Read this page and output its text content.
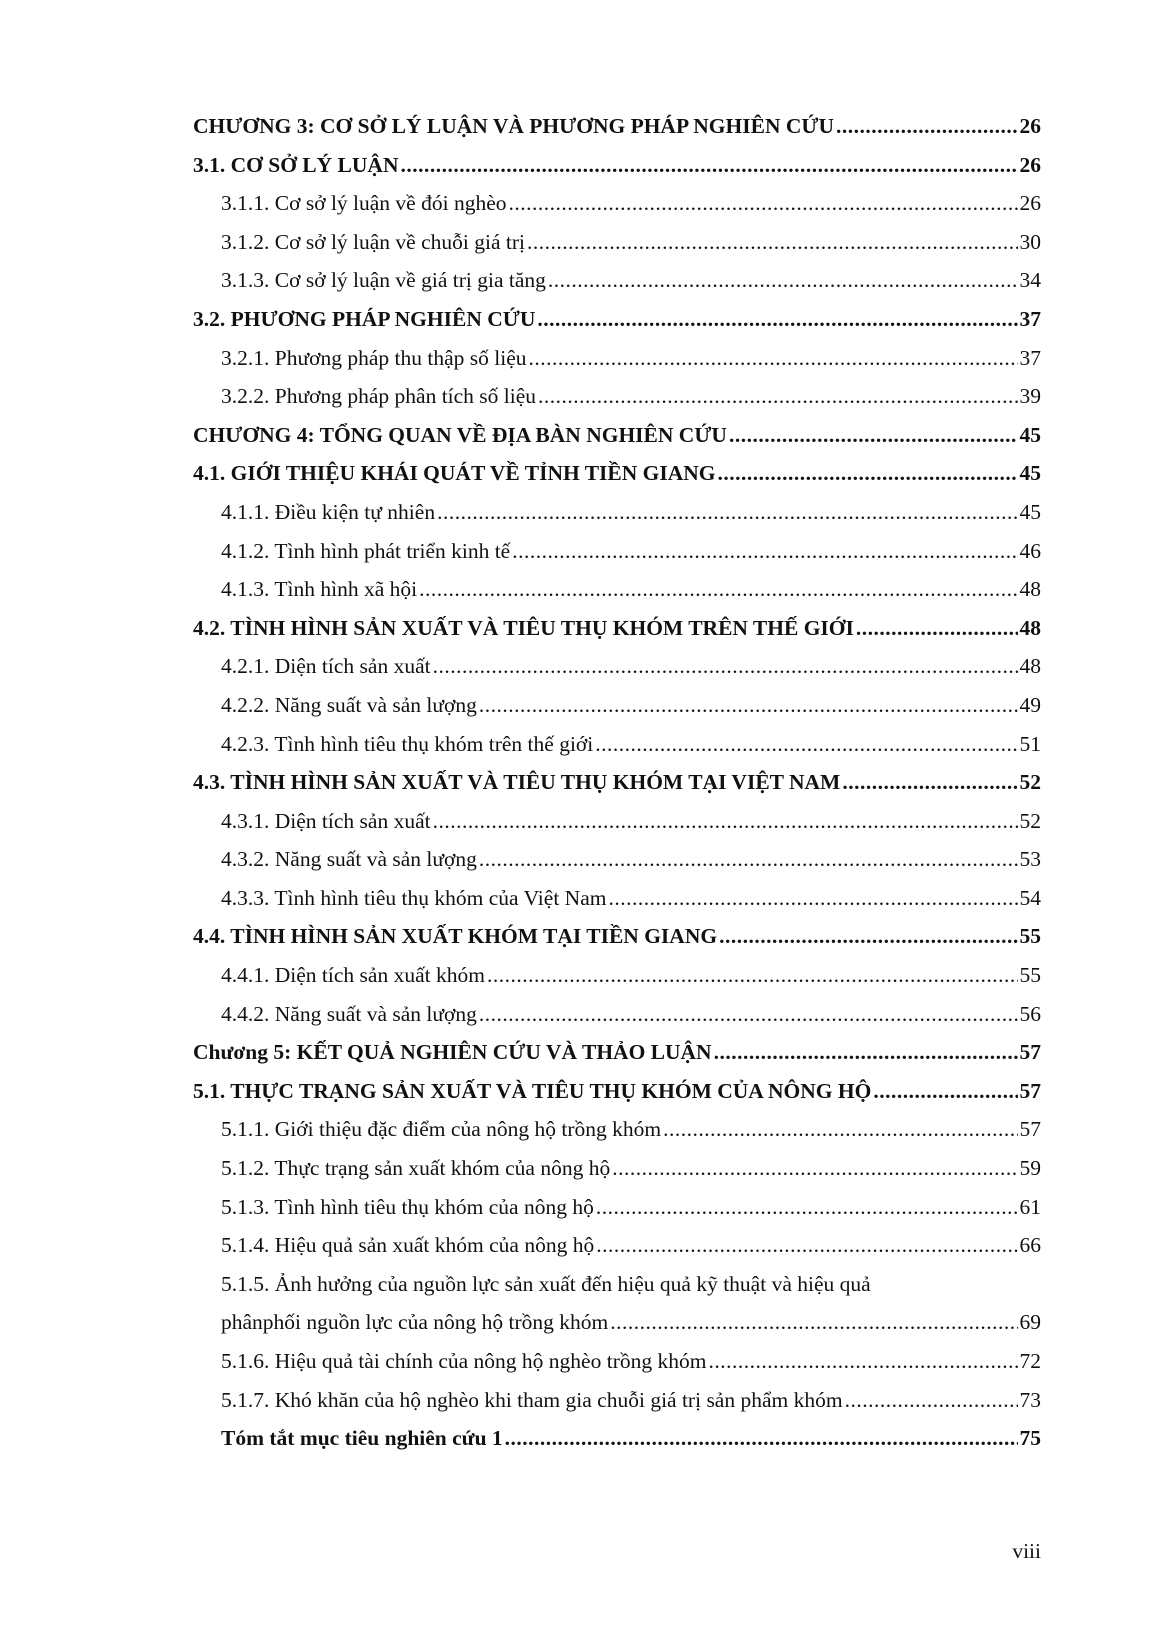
CHƯƠNG 3: CƠ SỞ LÝ LUẬN VÀ PHƯƠNG PHÁP NGHIÊN CỨU .....	26
3.1. CƠ SỞ LÝ LUẬN .....	26
3.1.1. Cơ sở lý luận về đói nghèo .....	26
3.1.2. Cơ sở lý luận về chuỗi giá trị .....	30
3.1.3. Cơ sở lý luận về giá trị gia tăng .....	34
3.2. PHƯƠNG PHÁP NGHIÊN CỨU .....	37
3.2.1. Phương pháp thu thập số liệu .....	37
3.2.2. Phương pháp phân tích số liệu .....	39
CHƯƠNG 4: TỔNG QUAN VỀ ĐỊA BÀN NGHIÊN CỨU .....	45
4.1. GIỚI THIỆU KHÁI QUÁT VỀ TỈNH TIỀN GIANG .....	45
4.1.1. Điều kiện tự nhiên .....	45
4.1.2. Tình hình phát triển kinh tế .....	46
4.1.3. Tình hình xã hội .....	48
4.2. TÌNH HÌNH SẢN XUẤT VÀ TIÊU THỤ KHÓM TRÊN THẾ GIỚI .....	48
4.2.1. Diện tích sản xuất .....	48
4.2.2. Năng suất và sản lượng .....	49
4.2.3. Tình hình tiêu thụ khóm trên thế giới .....	51
4.3. TÌNH HÌNH SẢN XUẤT VÀ TIÊU THỤ KHÓM TẠI VIỆT NAM .....	52
4.3.1. Diện tích sản xuất .....	52
4.3.2. Năng suất và sản lượng .....	53
4.3.3. Tình hình tiêu thụ khóm của Việt Nam .....	54
4.4. TÌNH HÌNH SẢN XUẤT KHÓM TẠI TIỀN GIANG .....	55
4.4.1. Diện tích sản xuất khóm .....	55
4.4.2. Năng suất và sản lượng .....	56
Chương 5: KẾT QUẢ NGHIÊN CỨU VÀ THẢO LUẬN .....	57
5.1. THỰC TRẠNG SẢN XUẤT VÀ TIÊU THỤ KHÓM CỦA NÔNG HỘ .....	57
5.1.1. Giới thiệu đặc điểm của nông hộ trồng khóm .....	57
5.1.2. Thực trạng sản xuất khóm của nông hộ .....	59
5.1.3. Tình hình tiêu thụ khóm của nông hộ .....	61
5.1.4. Hiệu quả sản xuất khóm của nông hộ .....	66
5.1.5. Ảnh hưởng của nguồn lực sản xuất đến hiệu quả kỹ thuật và hiệu quả
phânphối nguồn lực của nông hộ trồng khóm .....	69
5.1.6. Hiệu quả tài chính của nông hộ nghèo trồng khóm .....	72
5.1.7. Khó khăn của hộ nghèo khi tham gia chuỗi giá trị sản phẩm khóm .....	73
Tóm tắt mục tiêu nghiên cứu 1 .....	75
viii
